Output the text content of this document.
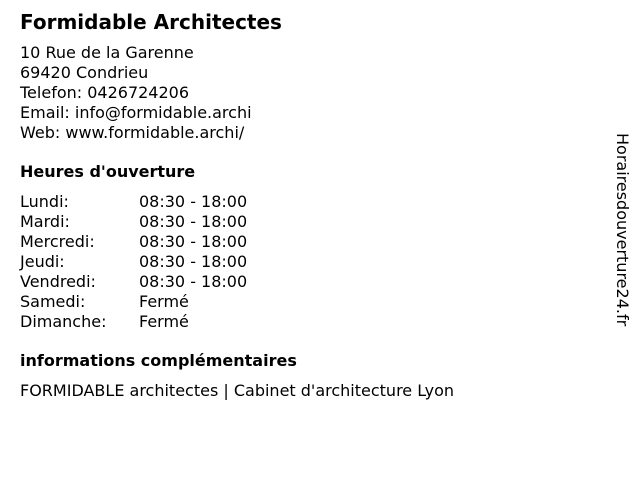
Formidable Architectes
10 Rue de la Garenne
69420 Condrieu
Telefon: 0426724206
Email: info@formidable.archi
Web: www.formidable.archi/
Heures d'ouverture
Lundi:	08:30 - 18:00
Mardi:	08:30 - 18:00
Mercredi:	08:30 - 18:00
Jeudi:	08:30 - 18:00
Vendredi:	08:30 - 18:00
Samedi:	Fermé
Dimanche:	Fermé
informations complémentaires
FORMIDABLE architectes | Cabinet d'architecture Lyon
Horairesdouverture24.fr
